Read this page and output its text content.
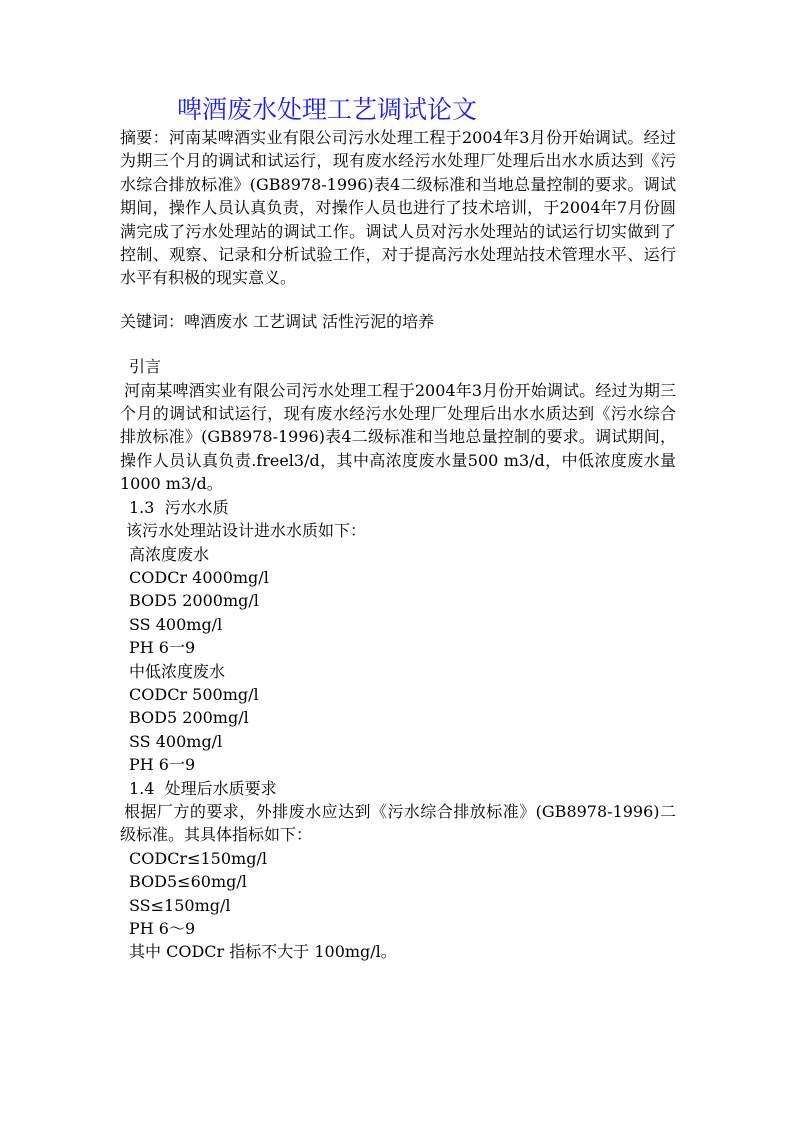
啤酒废水处理工艺调试论文

摘要：河南某啤酒实业有限公司污水处理工程于2004年3月份开始调试。经过为期三个月的调试和试运行，现有废水经污水处理厂处理后出水水质达到《污水综合排放标准》(GB8978-1996)表4二级标准和当地总量控制的要求。调试期间，操作人员认真负责，对操作人员也进行了技术培训，于2004年7月份圆满完成了污水处理站的调试工作。调试人员对污水处理站的试运行切实做到了控制、观察、记录和分析试验工作，对于提高污水处理站技术管理水平、运行水平有积极的现实意义。

关键词：啤酒废水 工艺调试 活性污泥的培养

引言

河南某啤酒实业有限公司污水处理工程于2004年3月份开始调试。经过为期三个月的调试和试运行，现有废水经污水处理厂处理后出水水质达到《污水综合排放标准》(GB8978-1996)表4二级标准和当地总量控制的要求。调试期间，操作人员认真负责.freel3/d，其中高浓度废水量500 m3/d，中低浓度废水量1000 m3/d。

1.3  污水水质

该污水处理站设计进水水质如下：

高浓度废水

CODCr 4000mg/l

BOD5 2000mg/l

SS 400mg/l

PH 6一9

中低浓度废水

CODCr 500mg/l

BOD5 200mg/l

SS 400mg/l

PH 6一9

1.4  处理后水质要求

根据厂方的要求，外排废水应达到《污水综合排放标准》(GB8978-1996)二级标准。其具体指标如下：

CODCr≤150mg/l

BOD5≤60mg/l

SS≤150mg/l

PH 6～9

其中 CODCr 指标不大于 100mg/l。
